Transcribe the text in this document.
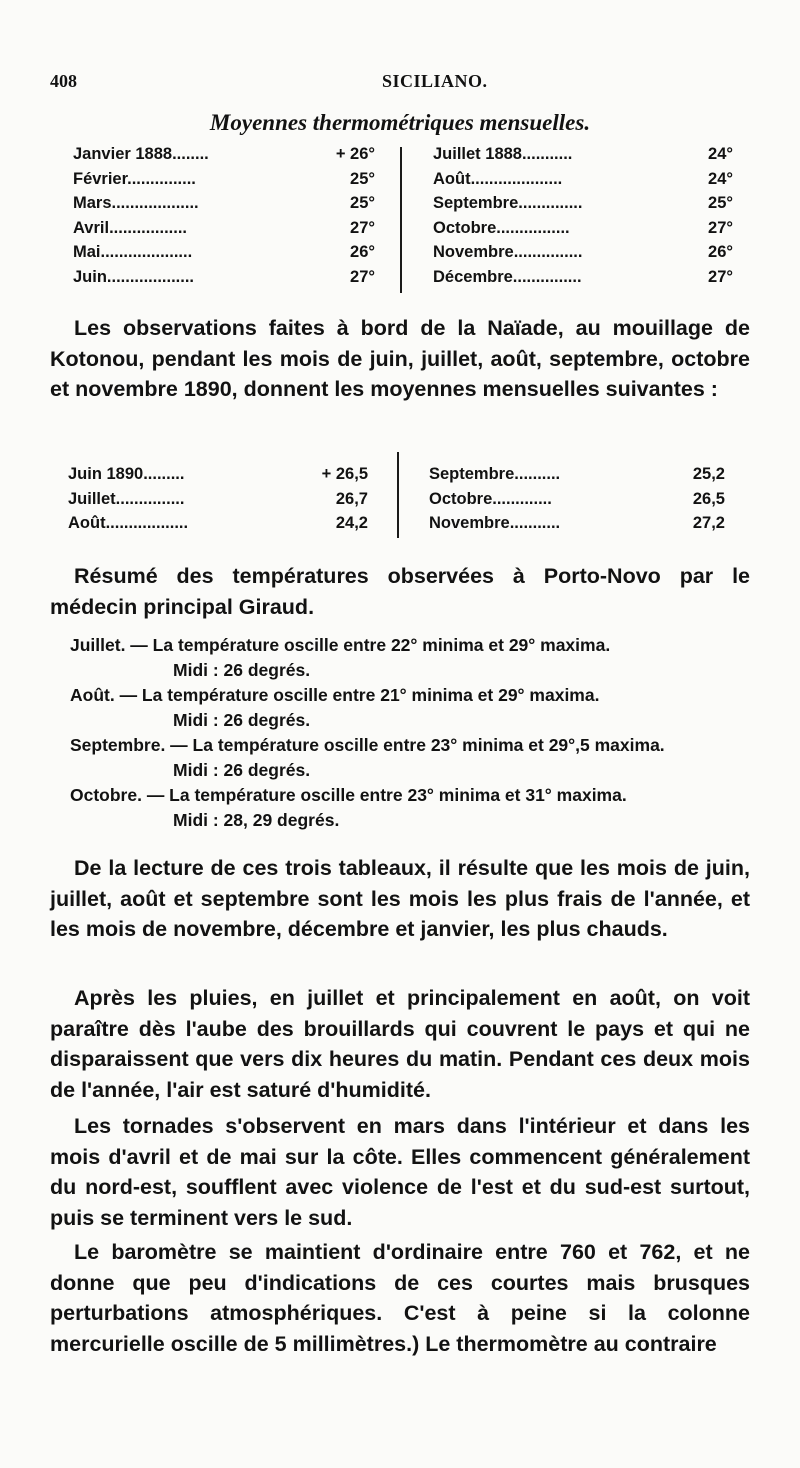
408	SICILIANO.
Moyennes thermométriques mensuelles.
Janvier 1888........	+ 26°
Février...............	25°
Mars...................	25°
Avril.................	27°
Mai....................	26°
Juin...................	27°
Juillet 1888...........	24°
Août....................	24°
Septembre..............	25°
Octobre................	27°
Novembre...............	26°
Décembre...............	27°

Les observations faites à bord de la Naïade, au mouillage de Kotonou, pendant les mois de juin, juillet, août, septembre, octobre et novembre 1890, donnent les moyennes mensuelles suivantes :

Juin 1890.........	+ 26,5
Juillet...............	26,7
Août..................	24,2
Septembre..........	25,2
Octobre.............	26,5
Novembre...........	27,2

Résumé des températures observées à Porto-Novo par le médecin principal Giraud.

Juillet. — La température oscille entre 22° minima et 29° maxima.
Midi : 26 degrés.
Août. — La température oscille entre 21° minima et 29° maxima.
Midi : 26 degrés.
Septembre. — La température oscille entre 23° minima et 29°,5 maxima.
Midi : 26 degrés.
Octobre. — La température oscille entre 23° minima et 31° maxima.
Midi : 28, 29 degrés.

De la lecture de ces trois tableaux, il résulte que les mois de juin, juillet, août et septembre sont les mois les plus frais de l'année, et les mois de novembre, décembre et janvier, les plus chauds.

Après les pluies, en juillet et principalement en août, on voit paraître dès l'aube des brouillards qui couvrent le pays et qui ne disparaissent que vers dix heures du matin. Pendant ces deux mois de l'année, l'air est saturé d'humidité.

Les tornades s'observent en mars dans l'intérieur et dans les mois d'avril et de mai sur la côte. Elles commencent généralement du nord-est, soufflent avec violence de l'est et du sud-est surtout, puis se terminent vers le sud.

Le baromètre se maintient d'ordinaire entre 760 et 762, et ne donne que peu d'indications de ces courtes mais brusques perturbations atmosphériques. C'est à peine si la colonne mercurielle oscille de 5 millimètres.) Le thermomètre au contraire
